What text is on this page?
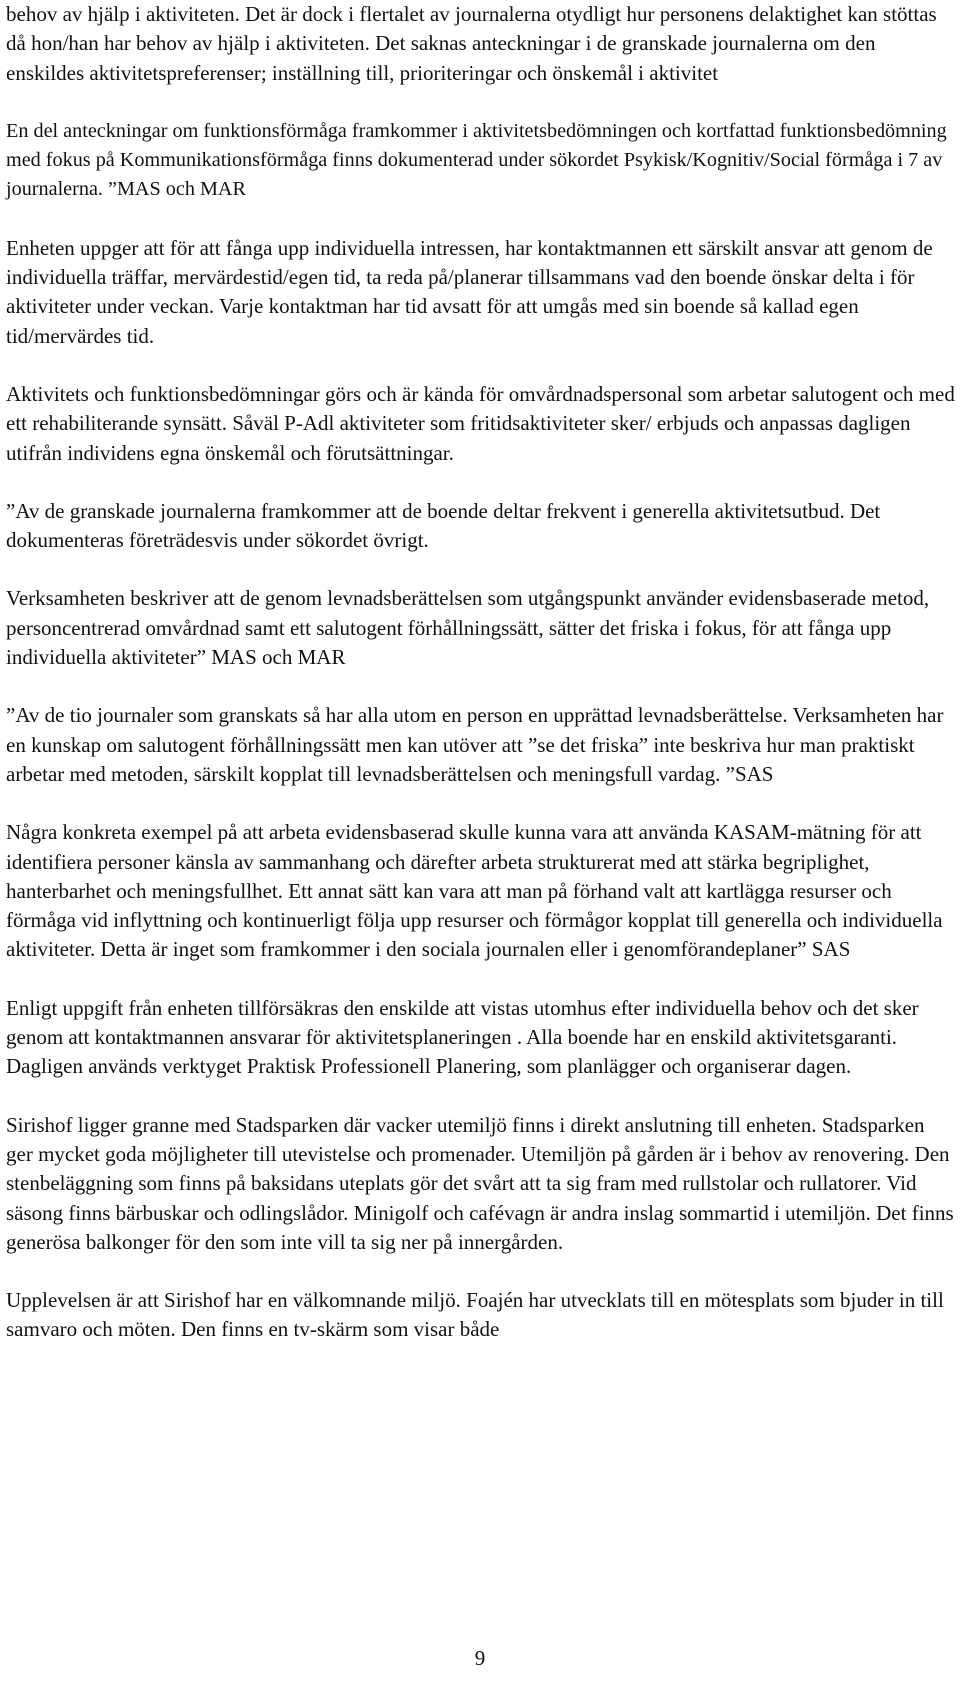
behov av hjälp i aktiviteten. Det är dock i flertalet av journalerna otydligt hur personens delaktighet kan stöttas då hon/han har behov av hjälp i aktiviteten. Det saknas anteckningar i de granskade journalerna om den enskildes aktivitetspreferenser; inställning till, prioriteringar och önskemål i aktivitet

En del anteckningar om funktionsförmåga framkommer i aktivitetsbedömningen och kortfattad funktionsbedömning med fokus på Kommunikationsförmåga finns dokumenterad under sökordet Psykisk/Kognitiv/Social förmåga i 7 av journalerna. ”MAS och MAR

Enheten uppger att för att fånga upp individuella intressen, har kontaktmannen ett särskilt ansvar att genom de individuella träffar, mervärdestid/egen tid, ta reda på/planerar tillsammans vad den boende önskar delta i för aktiviteter under veckan. Varje kontaktman har tid avsatt för att umgås med sin boende så kallad egen tid/mervärdes tid.

Aktivitets och funktionsbedömningar görs och är kända för omvårdnadspersonal som arbetar salutogent och med ett rehabiliterande synsätt. Såväl P-Adl aktiviteter som fritidsaktiviteter sker/ erbjuds och anpassas dagligen utifrån individens egna önskemål och förutsättningar.

”Av de granskade journalerna framkommer att de boende deltar frekvent i generella aktivitetsutbud. Det dokumenteras företrädesvis under sökordet övrigt.

Verksamheten beskriver att de genom levnadsberättelsen som utgångspunkt använder evidensbaserade metod, personcentrerad omvårdnad samt ett salutogent förhållningssätt, sätter det friska i fokus, för att fånga upp individuella aktiviteter” MAS och MAR

”Av de tio journaler som granskats så har alla utom en person en upprättad levnadsberättelse. Verksamheten har en kunskap om salutogent förhållningssätt men kan utöver att ”se det friska” inte beskriva hur man praktiskt arbetar med metoden, särskilt kopplat till levnadsberättelsen och meningsfull vardag. ”SAS

Några konkreta exempel på att arbeta evidensbaserad skulle kunna vara att använda KASAM-mätning för att identifiera personer känsla av sammanhang och därefter arbeta strukturerat med att stärka begriplighet, hanterbarhet och meningsfullhet. Ett annat sätt kan vara att man på förhand valt att kartlägga resurser och förmåga vid inflyttning och kontinuerligt följa upp resurser och förmågor kopplat till generella och individuella aktiviteter. Detta är inget som framkommer i den sociala journalen eller i genomförandeplaner” SAS

Enligt uppgift från enheten tillförsäkras den enskilde att vistas utomhus efter individuella behov och det sker genom att kontaktmannen ansvarar för aktivitetsplaneringen . Alla boende har en enskild aktivitetsgaranti. Dagligen används verktyget Praktisk Professionell Planering, som planlägger och organiserar dagen.

Sirishof ligger granne med Stadsparken där vacker utemiljö finns i direkt anslutning till enheten. Stadsparken ger mycket goda möjligheter till utevistelse och promenader. Utemiljön på gården är i behov av renovering. Den stenbeläggning som finns på baksidans uteplats gör det svårt att ta sig fram med rullstolar och rullatorer. Vid säsong finns bärbuskar och odlingslådor. Minigolf och cafévagn är andra inslag sommartid i utemiljön. Det finns generösa balkonger för den som inte vill ta sig ner på innergården.

Upplevelsen är att Sirishof har en välkomnande miljö. Foajén har utvecklats till en mötesplats som bjuder in till samvaro och möten. Den finns en tv-skärm som visar både

9
